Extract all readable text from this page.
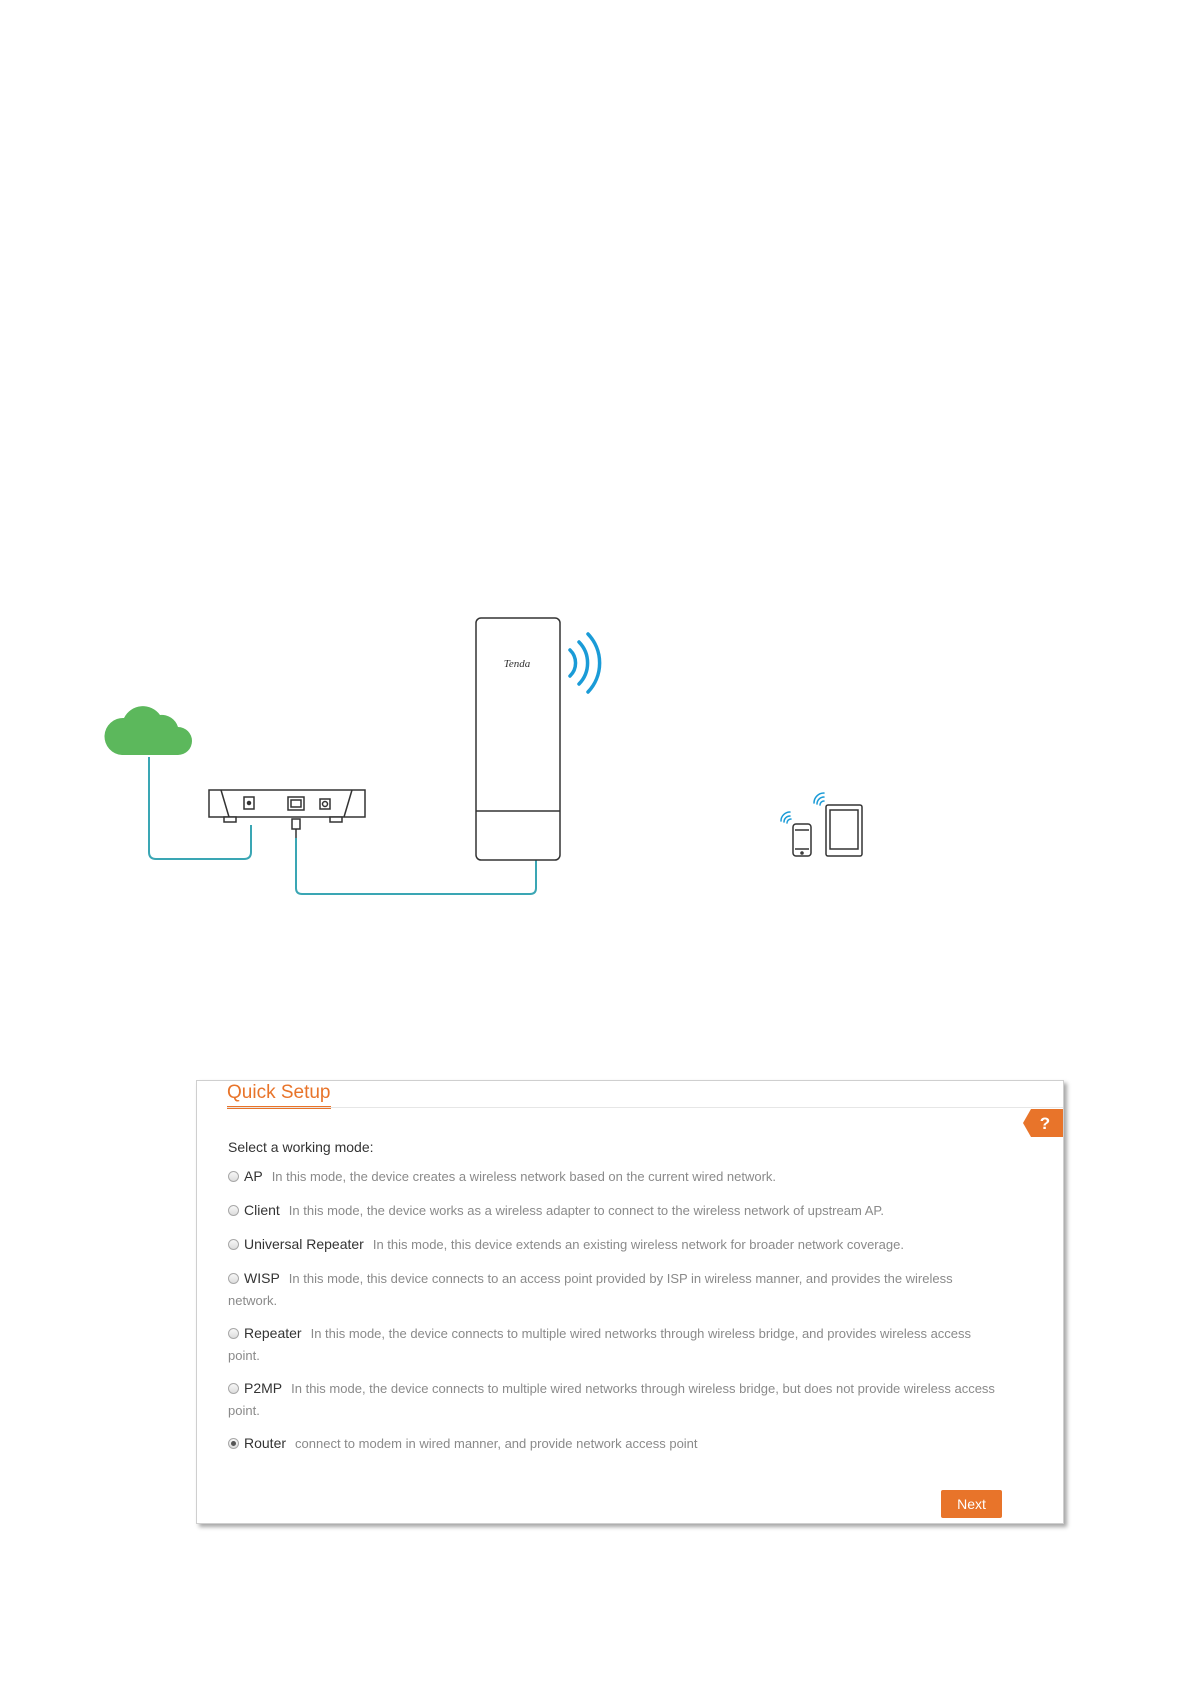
Tenda
Quick Setup
?
Select a working mode:
AP In this mode, the device creates a wireless network based on the current wired network.
Client In this mode, the device works as a wireless adapter to connect to the wireless network of upstream AP.
Universal Repeater In this mode, this device extends an existing wireless network for broader network coverage.
WISP In this mode, this device connects to an access point provided by ISP in wireless manner, and provides the wireless network.
Repeater In this mode, the device connects to multiple wired networks through wireless bridge, and provides wireless access point.
P2MP In this mode, the device connects to multiple wired networks through wireless bridge, but does not provide wireless access point.
Router connect to modem in wired manner, and provide network access point
Next
